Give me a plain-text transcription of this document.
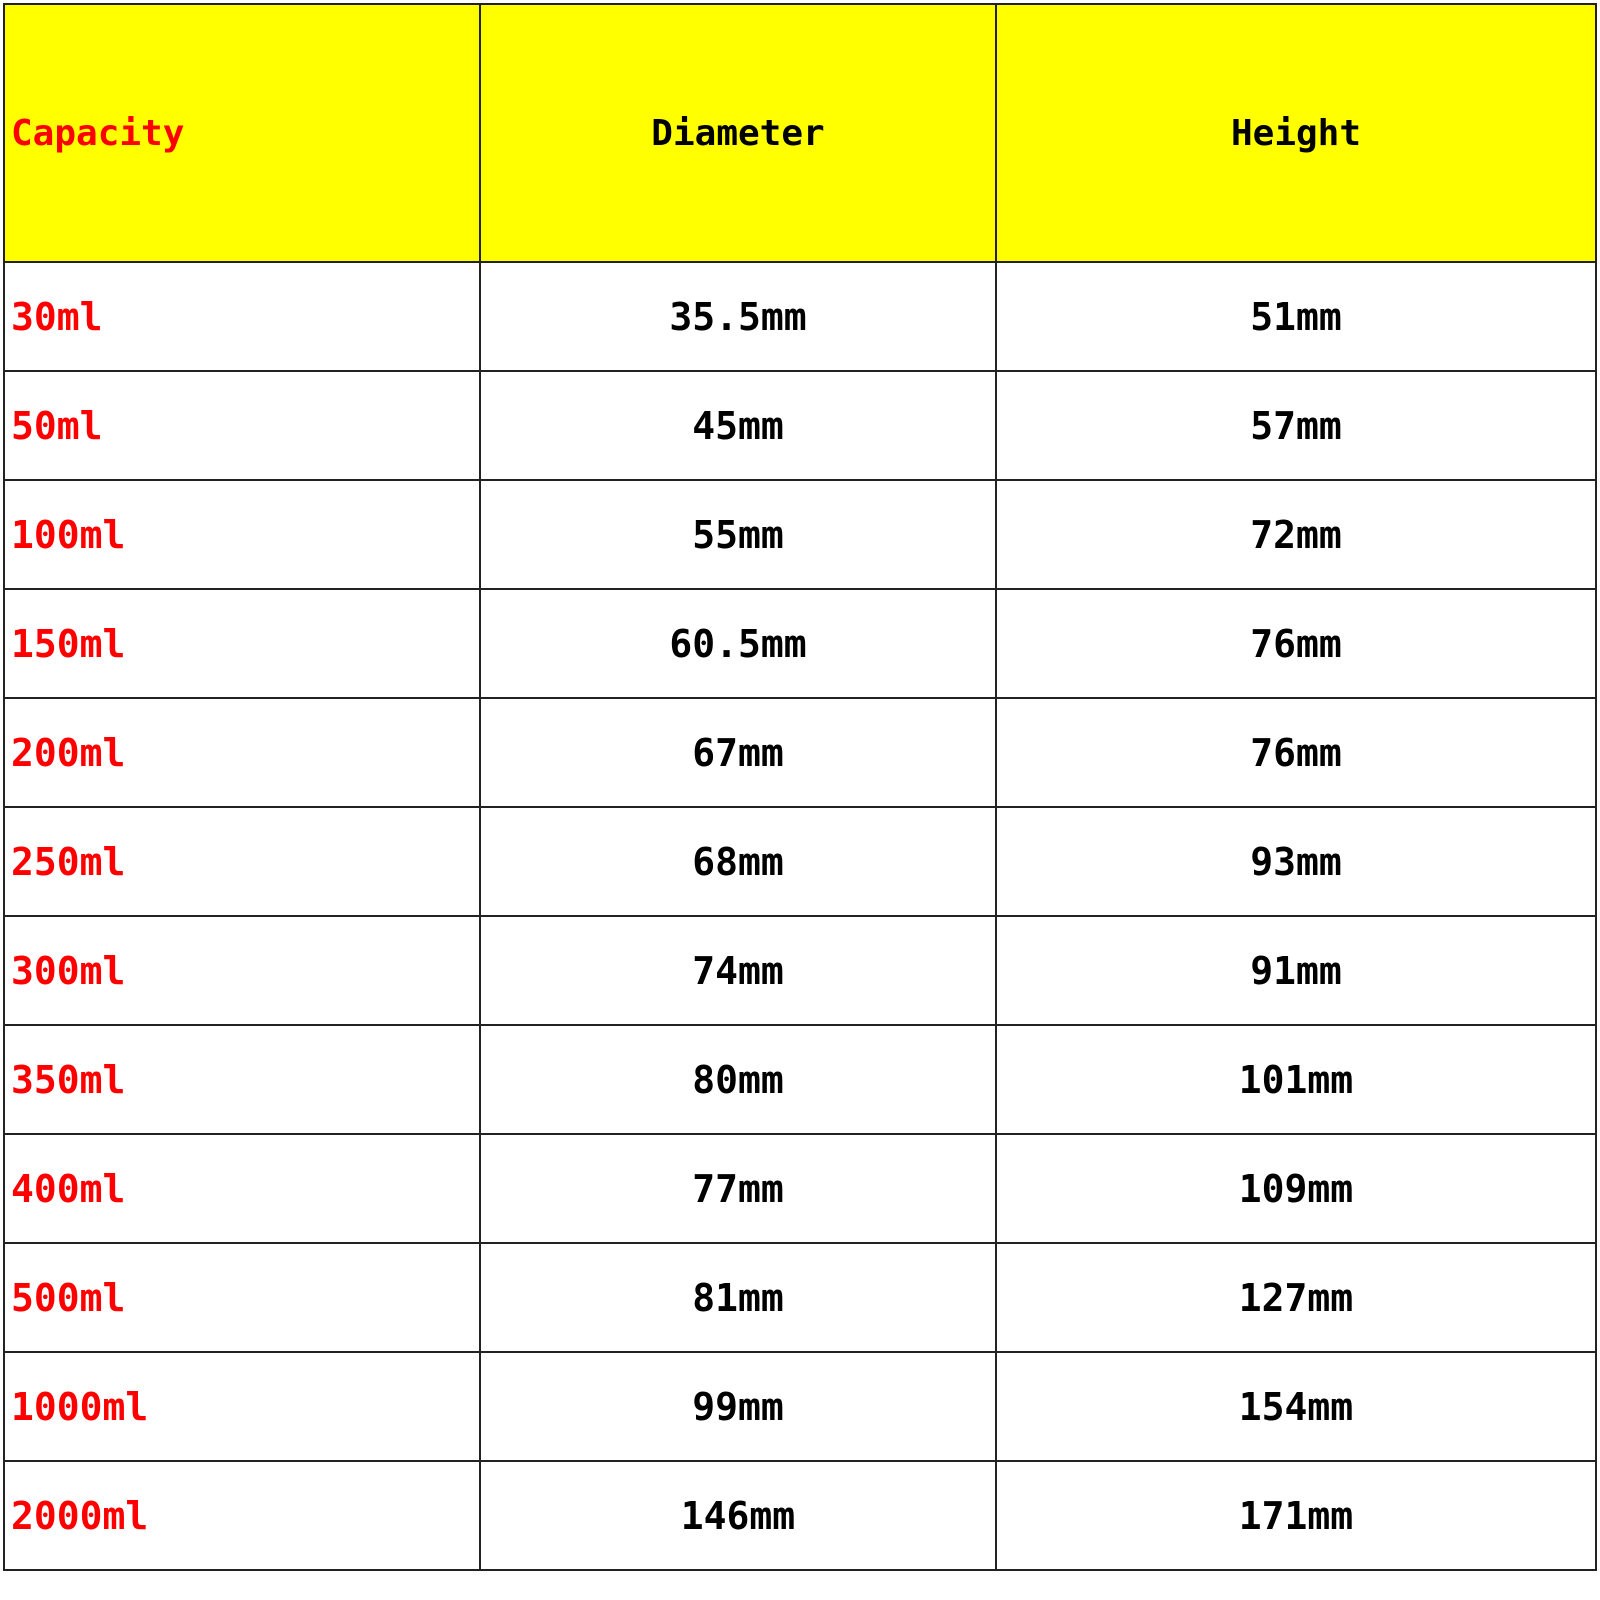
Capacity	Diameter	Height
30ml	35.5mm	51mm
50ml	45mm	57mm
100ml	55mm	72mm
150ml	60.5mm	76mm
200ml	67mm	76mm
250ml	68mm	93mm
300ml	74mm	91mm
350ml	80mm	101mm
400ml	77mm	109mm
500ml	81mm	127mm
1000ml	99mm	154mm
2000ml	146mm	171mm
